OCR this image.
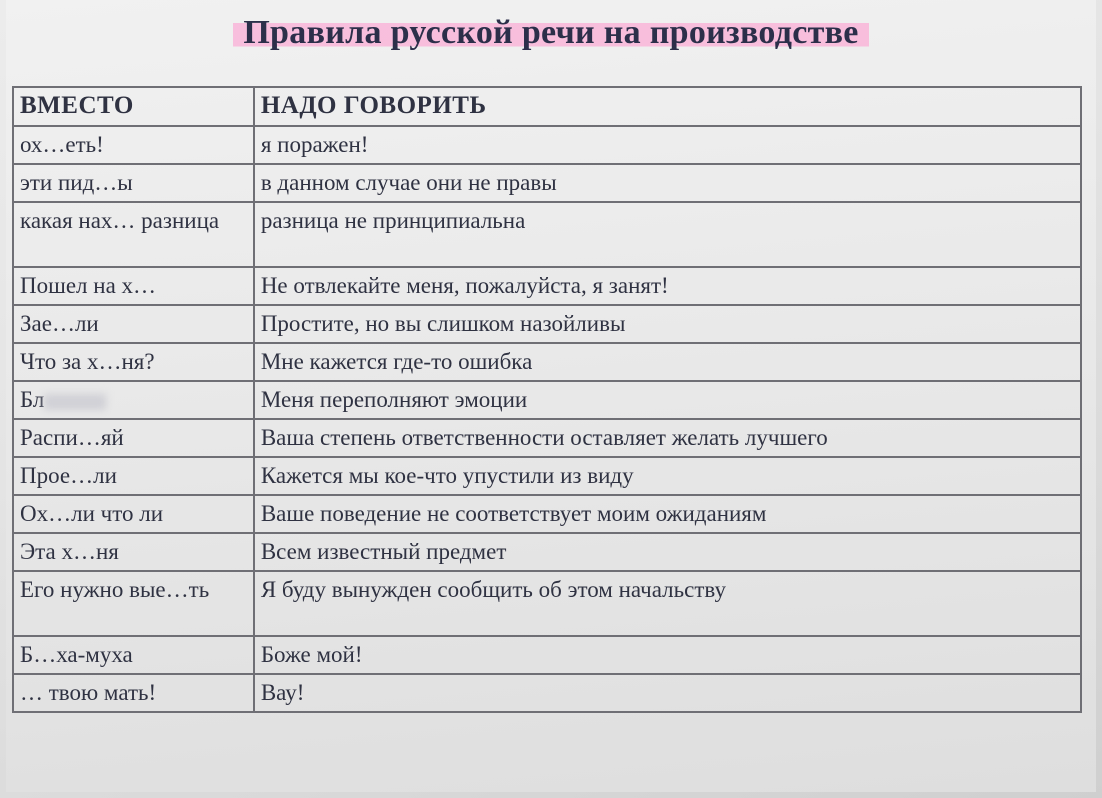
Правила русской речи на производстве
ВМЕСТО	НАДО ГОВОРИТЬ
ох…еть!	я поражен!
эти пид…ы	в данном случае они не правы
какая нах… разница	разница не принципиальна
Пошел на х…	Не отвлекайте меня, пожалуйста, я занят!
Зае…ли	Простите, но вы слишком назойливы
Что за х…ня?	Мне кажется где-то ошибка
Бл	Меня переполняют эмоции
Распи…яй	Ваша степень ответственности оставляет желать лучшего
Прое…ли	Кажется мы кое-что упустили из виду
Ох…ли что ли	Ваше поведение не соответствует моим ожиданиям
Эта х…ня	Всем известный предмет
Его нужно вые…ть	Я буду вынужден сообщить об этом начальству
Б…ха-муха	Боже мой!
… твою мать!	Вау!
